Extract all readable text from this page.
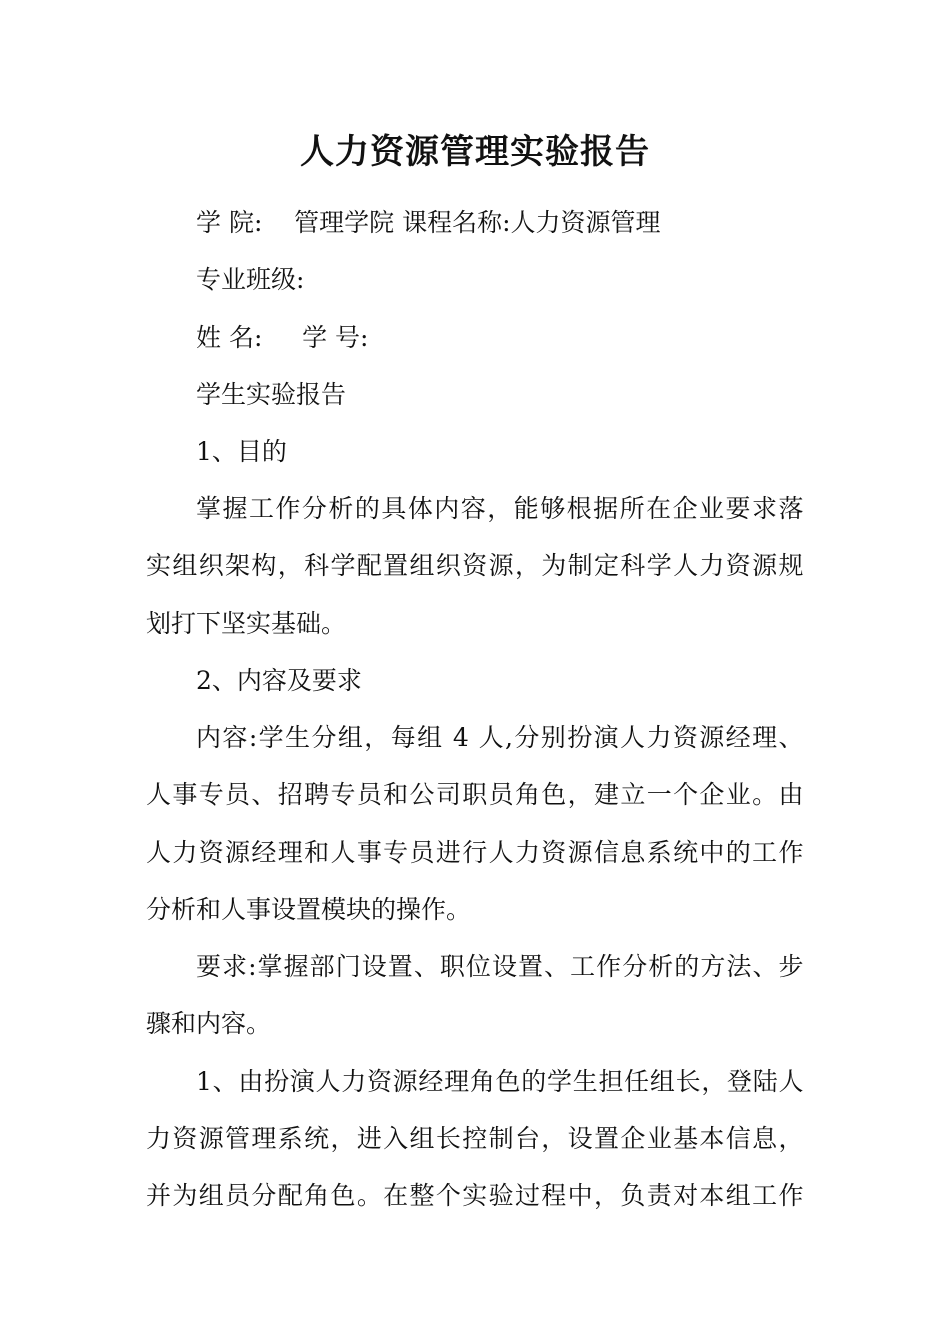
人力资源管理实验报告
学 院:    管理学院 课程名称:人力资源管理
专业班级:
姓 名:     学 号:
学生实验报告
1、目的
掌握工作分析的具体内容，能够根据所在企业要求落
实组织架构，科学配置组织资源，为制定科学人力资源规
划打下坚实基础。
2、内容及要求
内容:学生分组，每组 4 人,分别扮演人力资源经理、
人事专员、招聘专员和公司职员角色，建立一个企业。由
人力资源经理和人事专员进行人力资源信息系统中的工作
分析和人事设置模块的操作。
要求:掌握部门设置、职位设置、工作分析的方法、步
骤和内容。
1、由扮演人力资源经理角色的学生担任组长，登陆人
力资源管理系统，进入组长控制台，设置企业基本信息，
并为组员分配角色。在整个实验过程中，负责对本组工作
